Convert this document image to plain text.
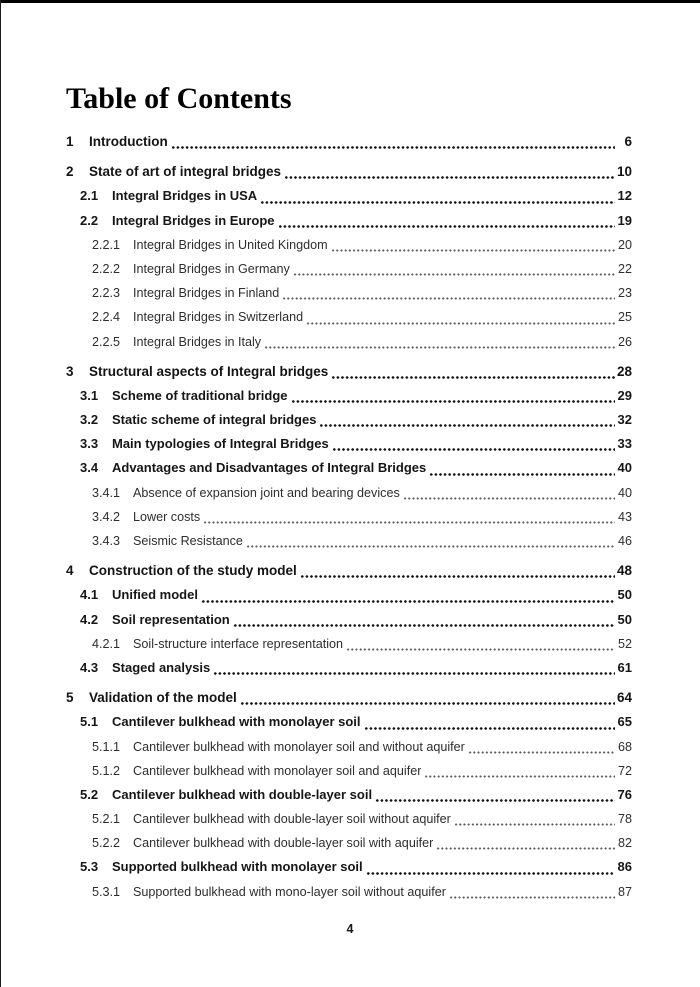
Table of Contents
1	Introduction	6
2	State of art of integral bridges	10
2.1	Integral Bridges in USA	12
2.2	Integral Bridges in Europe	19
2.2.1	Integral Bridges in United Kingdom	20
2.2.2	Integral Bridges in Germany	22
2.2.3	Integral Bridges in Finland	23
2.2.4	Integral Bridges in Switzerland	25
2.2.5	Integral Bridges in Italy	26
3	Structural aspects of Integral bridges	28
3.1	Scheme of traditional bridge	29
3.2	Static scheme of integral bridges	32
3.3	Main typologies of Integral Bridges	33
3.4	Advantages and Disadvantages of Integral Bridges	40
3.4.1	Absence of expansion joint and bearing devices	40
3.4.2	Lower costs	43
3.4.3	Seismic Resistance	46
4	Construction of the study model	48
4.1	Unified model	50
4.2	Soil representation	50
4.2.1	Soil-structure interface representation	52
4.3	Staged analysis	61
5	Validation of the model	64
5.1	Cantilever bulkhead with monolayer soil	65
5.1.1	Cantilever bulkhead with monolayer soil and without aquifer	68
5.1.2	Cantilever bulkhead with monolayer soil and aquifer	72
5.2	Cantilever bulkhead with double-layer soil	76
5.2.1	Cantilever bulkhead with double-layer soil without aquifer	78
5.2.2	Cantilever bulkhead with double-layer soil with aquifer	82
5.3	Supported bulkhead with monolayer soil	86
5.3.1	Supported bulkhead with mono-layer soil without aquifer	87
4
